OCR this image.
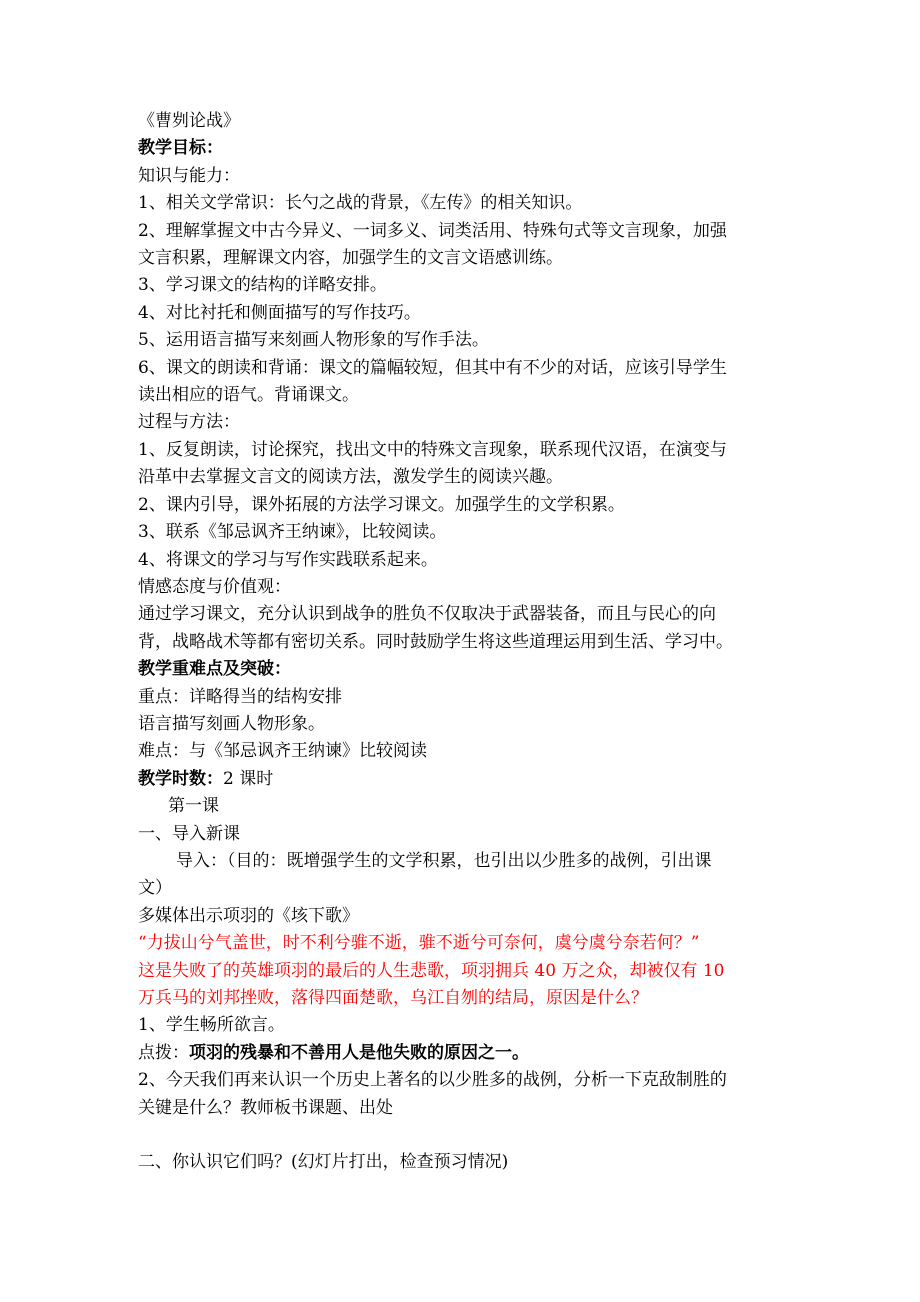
《曹刿论战》

教学目标：

知识与能力：

1、相关文学常识：长勺之战的背景，《左传》的相关知识。

2、理解掌握文中古今异义、一词多义、词类活用、特殊句式等文言现象，加强

文言积累，理解课文内容，加强学生的文言文语感训练。

3、学习课文的结构的详略安排。

4、对比衬托和侧面描写的写作技巧。

5、运用语言描写来刻画人物形象的写作手法。

6、课文的朗读和背诵：课文的篇幅较短，但其中有不少的对话，应该引导学生

读出相应的语气。背诵课文。

过程与方法：

1、反复朗读，讨论探究，找出文中的特殊文言现象，联系现代汉语，在演变与

沿革中去掌握文言文的阅读方法，激发学生的阅读兴趣。

2、课内引导，课外拓展的方法学习课文。加强学生的文学积累。

3、联系《邹忌讽齐王纳谏》，比较阅读。

4、将课文的学习与写作实践联系起来。

情感态度与价值观：

通过学习课文，充分认识到战争的胜负不仅取决于武器装备，而且与民心的向

背，战略战术等都有密切关系。同时鼓励学生将这些道理运用到生活、学习中。

教学重难点及突破：

重点：详略得当的结构安排

语言描写刻画人物形象。

难点：与《邹忌讽齐王纳谏》比较阅读

教学时数：2 课时

第一课

一、导入新课

导入：（目的：既增强学生的文学积累，也引出以少胜多的战例，引出课

文）

多媒体出示项羽的《垓下歌》

“力拔山兮气盖世，时不利兮骓不逝，骓不逝兮可奈何，虞兮虞兮奈若何？”

这是失败了的英雄项羽的最后的人生悲歌，项羽拥兵 40 万之众，却被仅有 10

万兵马的刘邦挫败，落得四面楚歌，乌江自刎的结局，原因是什么？

1、学生畅所欲言。

点拨：项羽的残暴和不善用人是他失败的原因之一。

2、今天我们再来认识一个历史上著名的以少胜多的战例，分析一下克敌制胜的

关键是什么？教师板书课题、出处

二、你认识它们吗？(幻灯片打出，检查预习情况)
